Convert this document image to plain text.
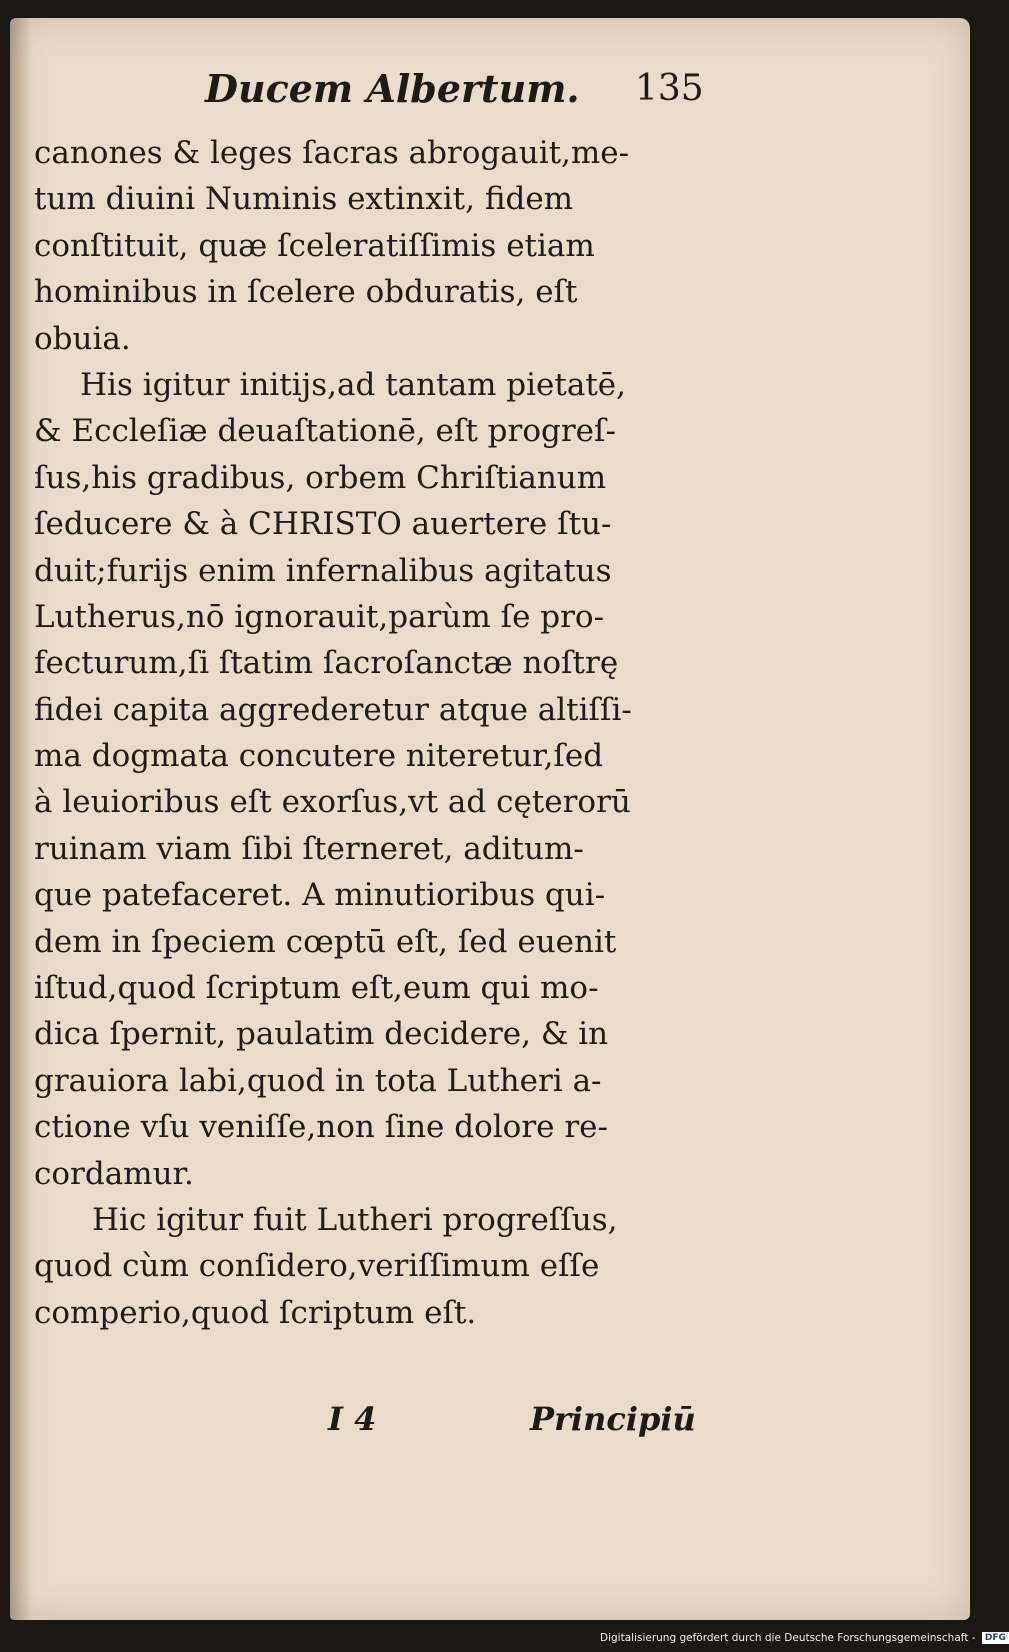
Ducem Albertum. 135
canones & leges ſacras abrogauit,me-
tum diuini Numinis extinxit, fidem
conſtituit, quæ ſceleratiſſimis etiam
hominibus in ſcelere obduratis, eſt
obuia.
His igitur initijs,ad tantam pietatē,
& Eccleſiæ deuaſtationē, eſt progreſ-
ſus,his gradibus, orbem Chriſtianum
ſeducere & à CHRISTO auertere ſtu-
duit;furijs enim infernalibus agitatus
Lutherus,nō ignorauit,parùm ſe pro-
fecturum,ſi ſtatim ſacroſanctæ noſtrę
fidei capita aggrederetur atque altiſſi-
ma dogmata concutere niteretur,ſed
à leuioribus eſt exorſus,vt ad cęterorū
ruinam viam ſibi ſterneret, aditum-
que patefaceret. A minutioribus qui-
dem in ſpeciem cœptū eſt, ſed euenit
iſtud,quod ſcriptum eſt,eum qui mo-
dica ſpernit, paulatim decidere, & in
grauiora labi,quod in tota Lutheri a-
ctione vſu veniſſe,non ſine dolore re-
cordamur.
Hic igitur fuit Lutheri progreſſus,
quod cùm conſidero,veriſſimum eſſe
comperio,quod ſcriptum eſt.
I 4	Principiū
Digitalisierung gefördert durch die Deutsche Forschungsgemeinschaft - DFG
